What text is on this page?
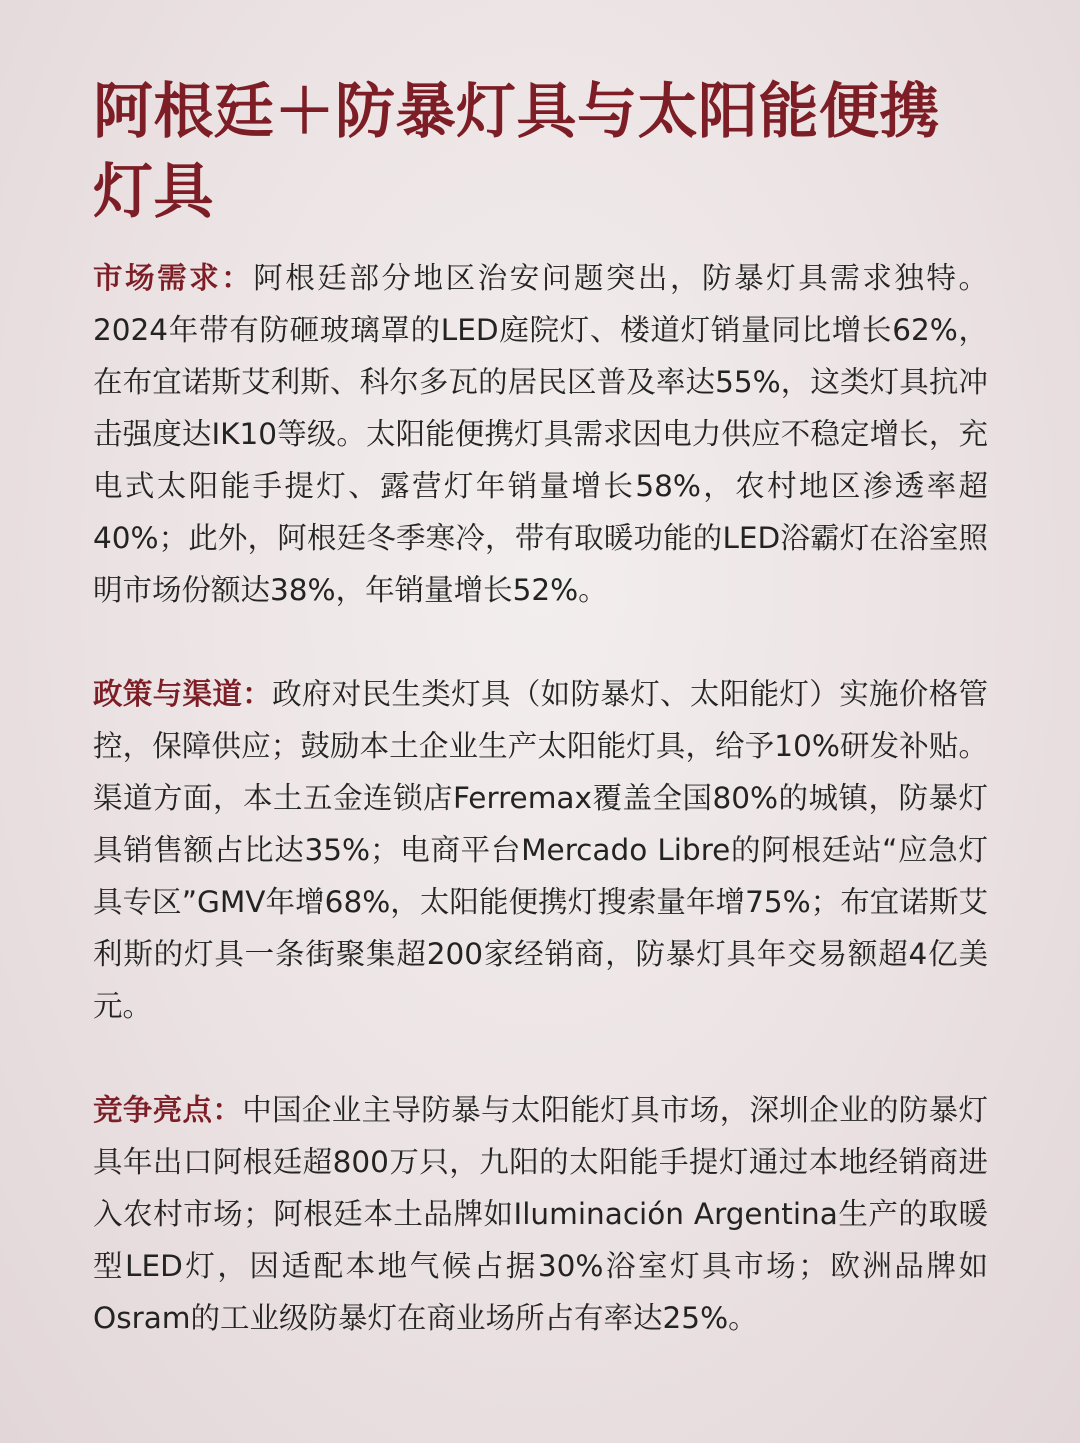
阿根廷＋防暴灯具与太阳能便携灯具

市场需求：阿根廷部分地区治安问题突出，防暴灯具需求独特。2024年带有防砸玻璃罩的LED庭院灯、楼道灯销量同比增长62%，在布宜诺斯艾利斯、科尔多瓦的居民区普及率达55%，这类灯具抗冲击强度达IK10等级。太阳能便携灯具需求因电力供应不稳定增长，充电式太阳能手提灯、露营灯年销量增长58%，农村地区渗透率超40%；此外，阿根廷冬季寒冷，带有取暖功能的LED浴霸灯在浴室照明市场份额达38%，年销量增长52%。

政策与渠道：政府对民生类灯具（如防暴灯、太阳能灯）实施价格管控，保障供应；鼓励本土企业生产太阳能灯具，给予10%研发补贴。渠道方面，本土五金连锁店Ferremax覆盖全国80%的城镇，防暴灯具销售额占比达35%；电商平台Mercado Libre的阿根廷站“应急灯具专区”GMV年增68%，太阳能便携灯搜索量年增75%；布宜诺斯艾利斯的灯具一条街聚集超200家经销商，防暴灯具年交易额超4亿美元。

竞争亮点：中国企业主导防暴与太阳能灯具市场，深圳企业的防暴灯具年出口阿根廷超800万只，九阳的太阳能手提灯通过本地经销商进入农村市场；阿根廷本土品牌如Iluminación Argentina生产的取暖型LED灯，因适配本地气候占据30%浴室灯具市场；欧洲品牌如Osram的工业级防暴灯在商业场所占有率达25%。
